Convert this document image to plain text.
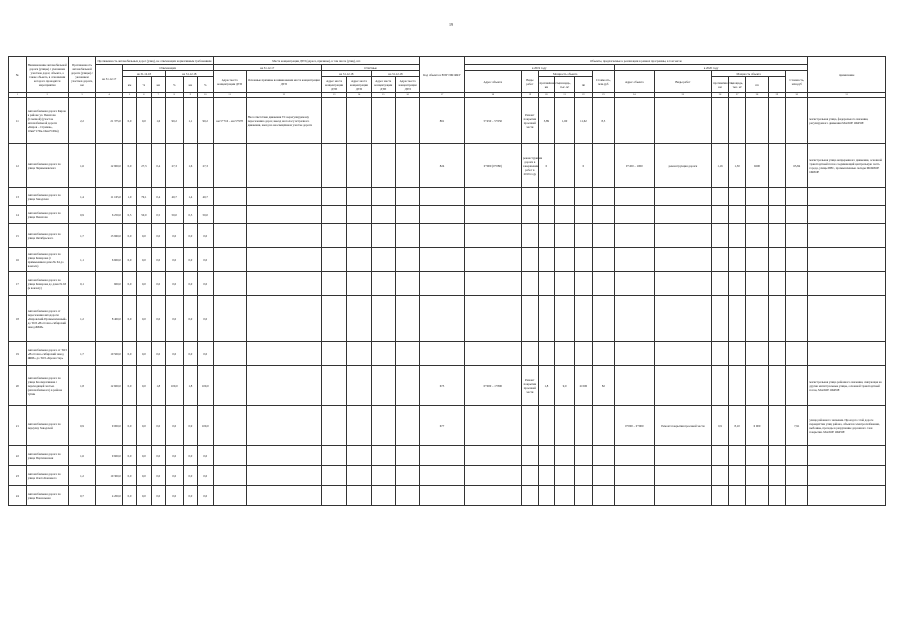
19
№	Наименование автомобильной дороги (улицы) с указанием участков дорог, объекта, а также объекта, в отношении которого проводятся мероприятия	Протяженность автомобильной дороги (улицы) с указанием участков дороги, км	Протяженность автомобильных дорог (улиц), не отвечающих нормативным требованиям							Места концентрации ДТП (адреса, причины), в том числе (улиц), шт.						Код объекта в ЕИУ ПМ ФКУ	Объекты, предлагаемые к реализации в рамках программы, в том числе													примечание
			на 31.12.17	Отвечающих						на 31.12.17		Отчётные					в 2019 году						в 2020 году							
				на 31.12.18			на 31.12.18			Адрес места концентрации ДТП	Основные причины возникновения места концентрации ДТП	на 31.12.18		на 31.12.18			Адрес объекта	Виды работ	Мощность объекта			Стоимость, млн.руб	Адрес объекта	Виды работ	Мощность объекта				Стоимость, млн.руб	
				км	%	км	%	км	%			Адрес места концентрации ДТП	Адрес места концентрации ДТП	Адрес места концентрации ДТП	Адрес места концентрации ДТП				протяжённость, км	площадь, тыс. м²	пп				протяжённость, км	площадь, тыс. м²	пп			
1	2	3	4	5	6	7	8	9	10	11	12	13	14	15	16	17	18	19	20	21	22	23	24	25	26	27	28	29	30	31
11	Автомобильная дорога Киров в районе ул. Пенатова (Ссыпной) (участок автомобильной дороги «Киров – Стрижи», 10км+170м-16км+169м)	2,2	21 375,0	0,0	0,0	1,6	90,2	1,1	90,2	км 5+716 – км 5+978	Несоответствие движения ТС нерегулируемому пересечению дорог, выезд на полосу встречного движения, наезд на неосвещённом участке дороги					861	5+450 – 5+650	Ремонт покрытия проезжей части	3,89	1,60	11,62	8,5								магистральная улица, федерального значения, регулируемого движения МАЛОЕ ОКРОЕ
12	Автомобильная дорога по улице Чернышевского	1,6	12 900,0	0,0	27,3	0,4	27,3	1,6	27,3							824	0+000 (0+080)	реконструкция дороги в завершению работ в 2019 году	0		0		0+450 – 1000	реконструкция дороги	1,16	1,50	9200		65,84	магистральная улица непрерывного движения, основной транспортный поток соединяющий центральную часть города, улицы ПВС, промышленные склады МОКРОЕ ОКРОЕ
13	Автомобильная дорога по улице Заводская	1,4	11 165,0	1,0	79,1	0,4	40,7	1,4	40,7																					
14	Автомобильная дорога по улице Пенатова	0,9	6 250,0	0,5	50,0	0,5	50,0	0,5	50,0																					
15	Автомобильная дорога по улице Октябрьского	1,7	13 960,0	0,0	0,0	0,0	0,0	0,0	0,0																					
16	Автомобильная дорога по улице Комарова (с примыканием дома № 64 до вокзала)	1,1	6 600,0	0,0	0,0	0,0	0,0	0,0	0,0																					
17	Автомобильная дорога по улице Комарова до дома № 63 (к вокзалу)	0,1	600,0	0,0	0,0	0,0	0,0	0,0	0,0																					
18	Автомобильная дорога от пересечения автодороги «Кировский-Промышленный» до ТОЗ «Восточно-сибирский завод ЖБИ»	1,2	8 400,0	0,0	0,0	0,0	0,0	0,0	0,0																					
19	Автомобильная дорога от ТОЗ «Восточно-сибирский завод ЖБИ» до ТОЗ «Кроностар»	1,7	10 500,0	0,0	0,0	0,0	0,0	0,0	0,0																					
20	Автомобильная дорога по улице Кооперативная с переходящей частью (автомобильного) в районе тупик	1,8	12 600,0	0,0	0,0	1,8	100,0	1,8	100,0							675	0+000 – 1+800	Ремонт покрытия проезжей части	1,8	9,0	21500	82								магистральная улица районного значения, связующая на другие магистральные улицы, основной транспортный поток, МАЛОЕ ОКРОЕ
21	Автомобильная дорога по переулку Заводской	0,9	9 000,0	0,0	0,0	0,0	0,0	0,9	100,0							677							0+000 – 0+900	Ремонт покрытия проезжей части	0,9	8,10	6 000		7,91	улица районного значения. Проезд по этой дороге перекрёстки улиц района, объектов электроснабжения, выбоины, проходы в разрушение дорожного слоя покрытия. МАЛОЕ ОКРОЕ
22	Автомобильная дорога по улице Партизанская	1,6	9 600,0	0,0	0,0	0,0	0,0	0,0	0,0																					
23	Автомобильная дорога по улице Олега Кошевого	1,2	10 300,0	0,0	0,0	0,0	0,0	0,0	0,0																					
24	Автомобильная дорога по улице Вокзальная	0,7	4 200,0	0,0	0,0	0,0	0,0	0,0	0,0																					
